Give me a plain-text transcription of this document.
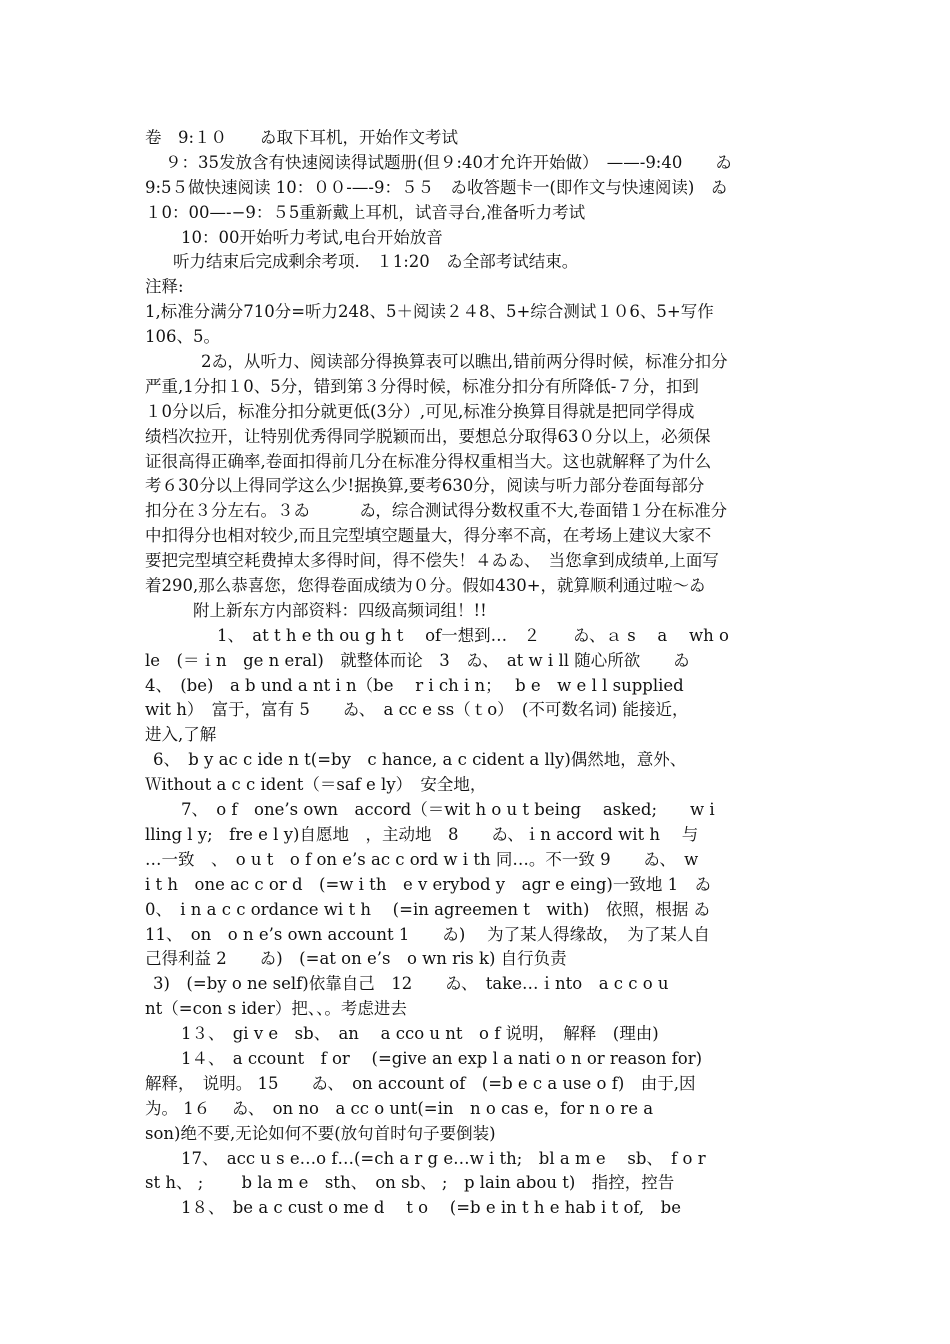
卷　9:１０　　ゐ取下耳机，开始作文考试
９：35发放含有快速阅读得试题册(但９:40才允许开始做）　——-9:40　　ゐ
9:5５做快速阅读 10：００-—-9：５５　ゐ收答题卡一(即作文与快速阅读)　ゐ
１0：00—-−9：５5重新戴上耳机，试音寻台,准备听力考试
10：00开始听力考试,电台开始放音
听力结束后完成剩余考项.　１1:20　ゐ全部考试结束。
注释:
1,标准分满分710分=听力248、5＋阅读２４8、5+综合测试１０6、5+写作
106、5。
2ゐ，从听力、阅读部分得换算表可以瞧出,错前两分得时候，标准分扣分
严重,1分扣１0、5分，错到第３分得时候，标准分扣分有所降低-７分，扣到
１0分以后，标准分扣分就更低(3分）,可见,标准分换算目得就是把同学得成
绩档次拉开，让特别优秀得同学脱颖而出，要想总分取得63０分以上，必须保
证很高得正确率,卷面扣得前几分在标准分得权重相当大。这也就解释了为什么
考６30分以上得同学这么少!据换算,要考630分，阅读与听力部分卷面每部分
扣分在３分左右。３ゐ　　　ゐ，综合测试得分数权重不大,卷面错１分在标准分
中扣得分也相对较少,而且完型填空题量大，得分率不高，在考场上建议大家不
要把完型填空耗费掉太多得时间，得不偿失！４ゐゐ、　当您拿到成绩单,上面写
着290,那么恭喜您，您得卷面成绩为０分。假如430+，就算顺利通过啦～ゐ
附上新东方内部资料：四级高频词组！!!
1、　at t h e th ou g h t　 of一想到…　２　　ゐ、ａ s　 a　 wh o
le　(＝ｉn　ge n eral)　就整体而论　3　ゐ、　at w i ll 随心所欲　　ゐ
4、　(be)　a b und a nt i n（be　 r i ch i n；　 b e　w e l l supplied
wit h）　富于，富有 5　　ゐ、　a cc e ss（ｔo）　(不可数名词) 能接近，
进入,了解
6、　b y ac c ide n t(=by　c hance, a c cident a lly)偶然地，意外、
Ｗithout a c c ident（＝saf e ly）　安全地，
7、　o f　one’s own　accord（＝wit h o u t being　 asked;　　w i
lling l y;　fre e l y)自愿地　，主动地　8　　ゐ、ｉn accord wit h　 与
…一致　、　o u t　o f on e’s ac c ord w i th 同…。不一致 9　　ゐ、　w
i t h　one ac c or d　(=w i th　e v erybod y　agr e eing)一致地 1　ゐ
0、　i n a c c ordance wi t h　 (=in agreemen t　with)　依照，根据 ゐ
11、　on　o n e’s own account 1　　ゐ)　 为了某人得缘故，　为了某人自
己得利益 2　　ゐ)　(=at on e’s　o wn ris k) 自行负责
3)　(=by o ne self)依靠自己　12　　ゐ、　take…ｉnto　a c c o u
nt（=con s ider）把、、。考虑进去
1３、　gi v e　sb、　an　 a cco u nt　o f 说明，　解释　(理由)
1４、　a ccount　f or　 (=give an exp l a nati o n or reason for)
解释，　说明。 15　　ゐ、　on account of　(=b e c a use o f)　由于,因
为。 1６　 ゐ、　on no　a cc o unt(=in　n o cas e，for n o re a
son)绝不要,无论如何不要(放句首时句子要倒装)
17、　acc u s e…o f…(=ch a r g e…w i th;　bl a m e　 sb、　f o r
st h、 ;　　 b la m e　sth、　on sb、 ;　p lain abou t)　指控，控告
1８、　be a c cust o me d　 t o　 (=b e in t h e hab i t of,　be
